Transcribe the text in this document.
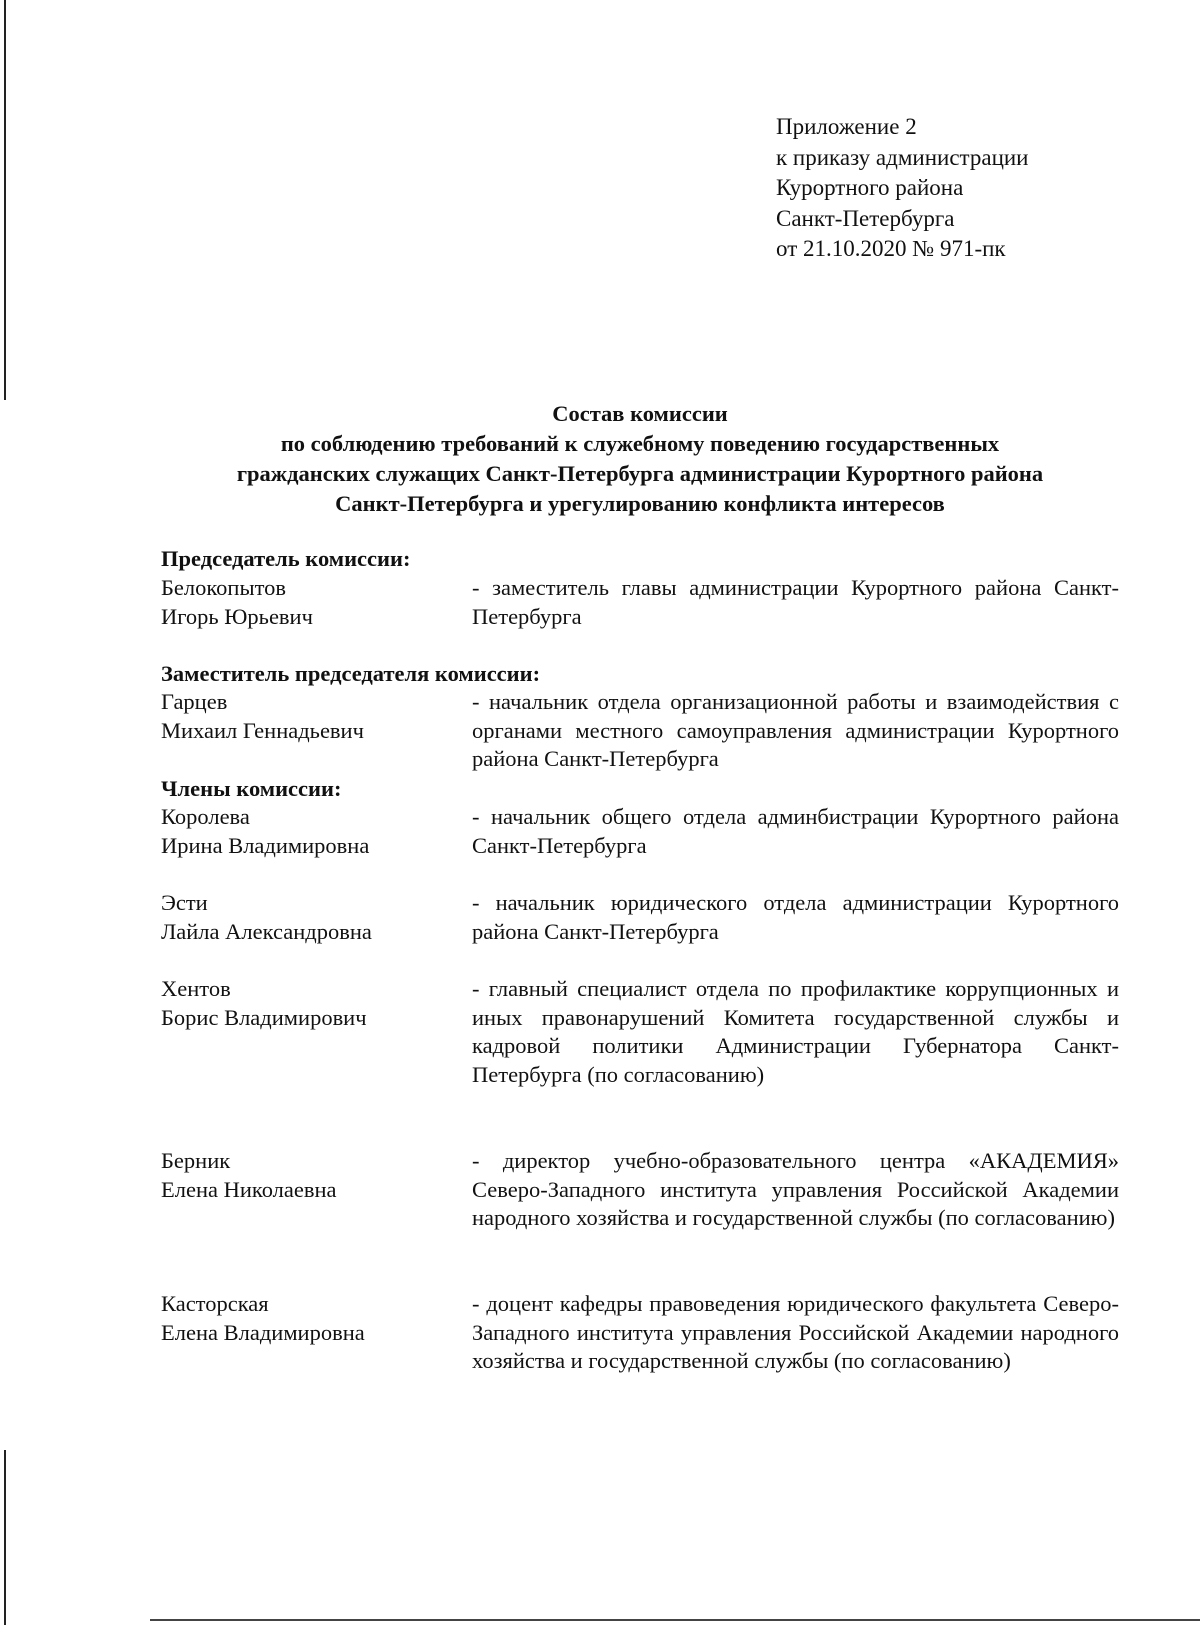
Приложение 2
к приказу администрации
Курортного района
Санкт-Петербурга
от 21.10.2020 № 971-пк
Состав комиссии
по соблюдению требований к служебному поведению государственных
гражданских служащих Санкт-Петербурга администрации Курортного района
Санкт-Петербурга и урегулированию конфликта интересов
Председатель комиссии:
Белокопытов
Игорь Юрьевич
- заместитель главы администрации Курортного района Санкт-Петербурга
Заместитель председателя комиссии:
Гарцев
Михаил Геннадьевич
- начальник отдела организационной работы и взаимодействия с органами местного самоуправления администрации Курортного района Санкт-Петербурга
Члены комиссии:
Королева
Ирина Владимировна
- начальник общего отдела админбистрации Курортного района Санкт-Петербурга
Эсти
Лайла Александровна
- начальник юридического отдела администрации Курортного района Санкт-Петербурга
Хентов
Борис Владимирович
- главный специалист отдела по профилактике коррупционных и иных правонарушений Комитета государственной службы и кадровой политики Администрации Губернатора Санкт-Петербурга (по согласованию)
Берник
Елена Николаевна
- директор учебно-образовательного центра «АКАДЕМИЯ» Северо-Западного института управления Российской Академии народного хозяйства и государственной службы (по согласованию)
Касторская
Елена Владимировна
- доцент кафедры правоведения юридического факультета Северо-Западного института управления Российской Академии народного хозяйства и государственной службы (по согласованию)
